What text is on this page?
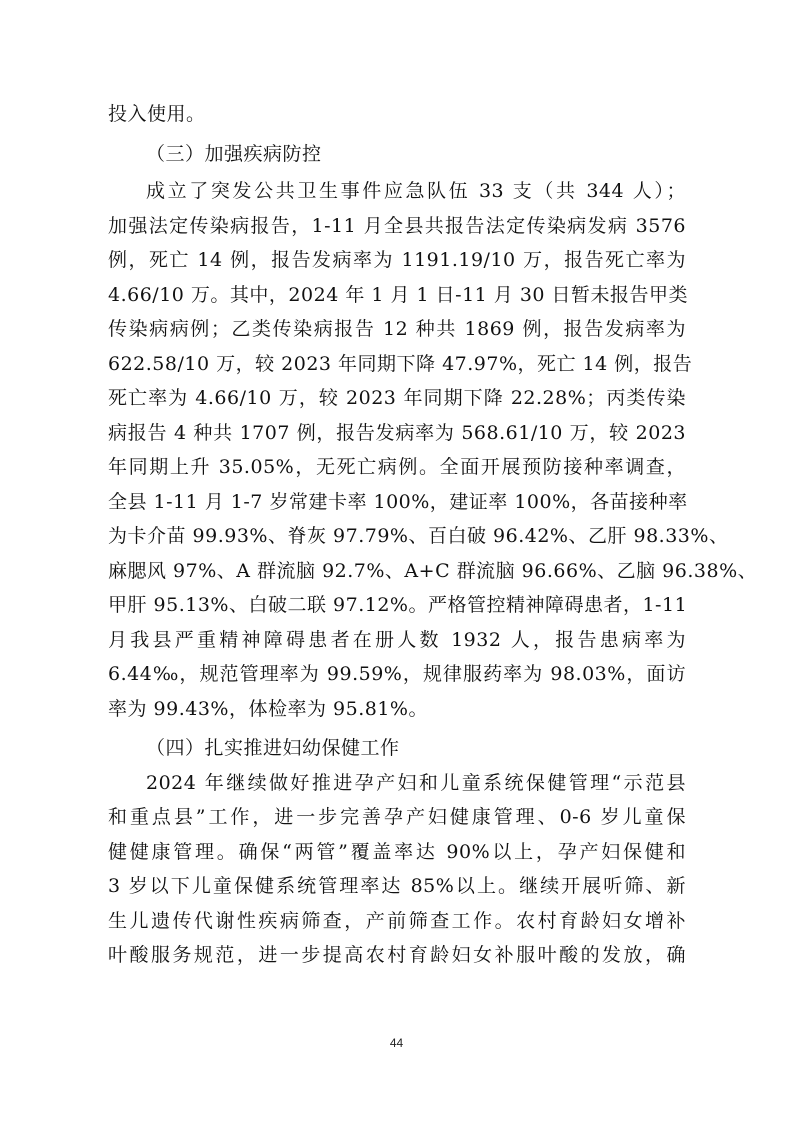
投入使用。
（三）加强疾病防控
成立了突发公共卫生事件应急队伍 33 支（共 344 人）；
加强法定传染病报告，1-11 月全县共报告法定传染病发病 3576
例，死亡 14 例，报告发病率为 1191.19/10 万，报告死亡率为
4.66/10 万。其中，2024 年 1 月 1 日-11 月 30 日暂未报告甲类
传染病病例；乙类传染病报告 12 种共 1869 例，报告发病率为
622.58/10 万，较 2023 年同期下降 47.97%，死亡 14 例，报告
死亡率为 4.66/10 万，较 2023 年同期下降 22.28%；丙类传染
病报告 4 种共 1707 例，报告发病率为 568.61/10 万，较 2023
年同期上升 35.05%，无死亡病例。全面开展预防接种率调查，
全县 1-11 月 1-7 岁常建卡率 100%，建证率 100%，各苗接种率
为卡介苗 99.93%、脊灰 97.79%、百白破 96.42%、乙肝 98.33%、
麻腮风 97%、A 群流脑 92.7%、A+C 群流脑 96.66%、乙脑 96.38%、
甲肝 95.13%、白破二联 97.12%。严格管控精神障碍患者，1-11
月我县严重精神障碍患者在册人数 1932 人，报告患病率为
6.44‰，规范管理率为 99.59%，规律服药率为 98.03%，面访
率为 99.43%，体检率为 95.81%。
（四）扎实推进妇幼保健工作
2024 年继续做好推进孕产妇和儿童系统保健管理“示范县
和重点县”工作，进一步完善孕产妇健康管理、0-6 岁儿童保
健健康管理。确保“两管”覆盖率达 90%以上，孕产妇保健和
3 岁以下儿童保健系统管理率达 85%以上。继续开展听筛、新
生儿遗传代谢性疾病筛查，产前筛查工作。农村育龄妇女增补
叶酸服务规范，进一步提高农村育龄妇女补服叶酸的发放，确
44
